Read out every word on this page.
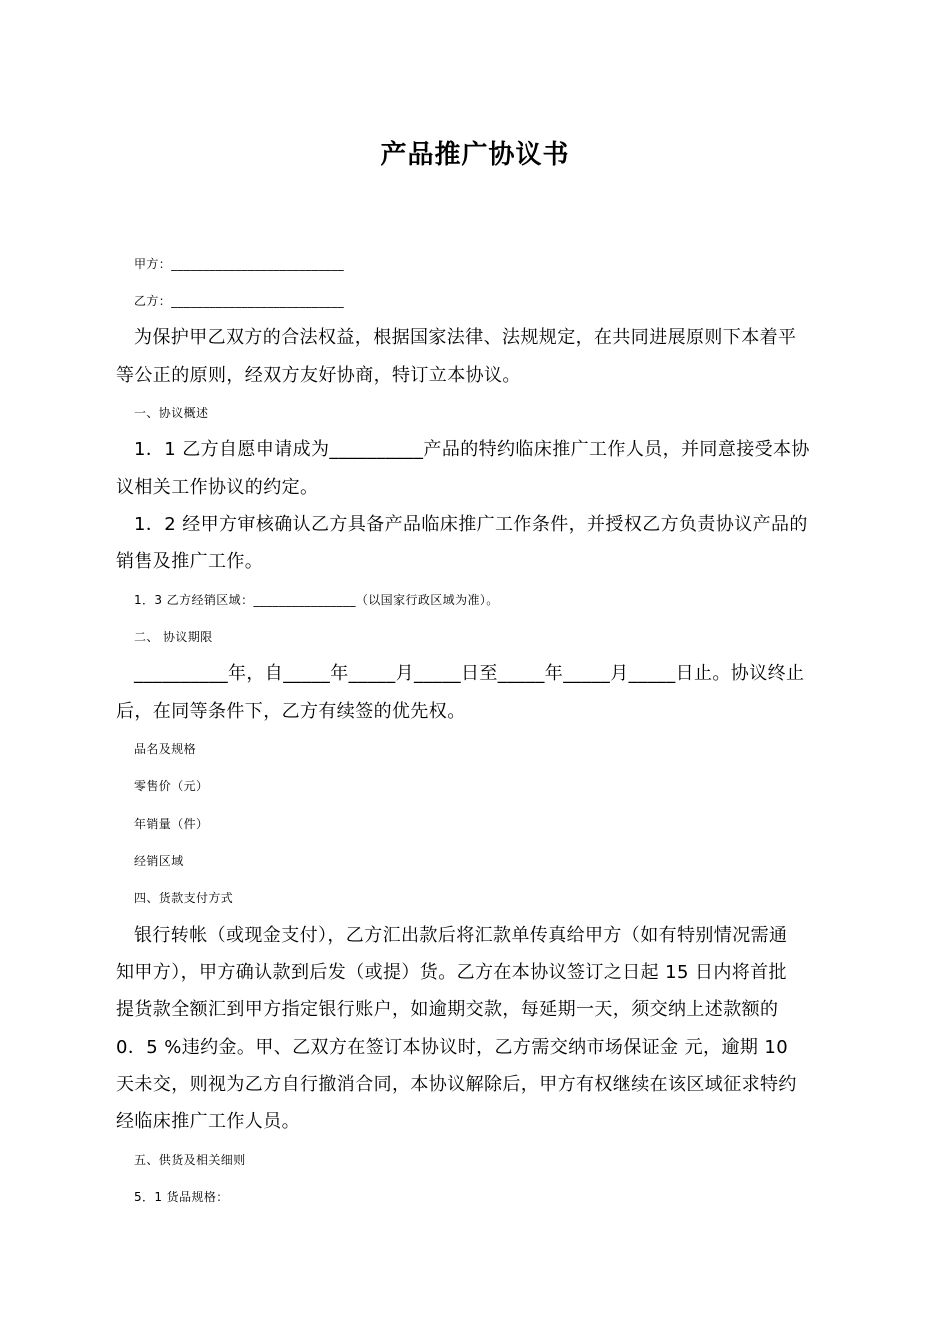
产品推广协议书
甲方：___________________________
乙方：___________________________
为保护甲乙双方的合法权益，根据国家法律、法规规定，在共同进展原则下本着平
等公正的原则，经双方友好协商，特订立本协议。
一、协议概述
1．1 乙方自愿申请成为__________产品的特约临床推广工作人员，并同意接受本协
议相关工作协议的约定。
1．2 经甲方审核确认乙方具备产品临床推广工作条件，并授权乙方负责协议产品的
销售及推广工作。
1．3 乙方经销区域：________________（以国家行政区域为准）。
二、 协议期限
__________年，自_____年_____月_____日至_____年_____月_____日止。协议终止
后，在同等条件下，乙方有续签的优先权。
品名及规格
零售价（元）
年销量（件）
经销区域
四、货款支付方式
银行转帐（或现金支付），乙方汇出款后将汇款单传真给甲方（如有特别情况需通
知甲方），甲方确认款到后发（或提）货。乙方在本协议签订之日起 15 日内将首批
提货款全额汇到甲方指定银行账户，如逾期交款，每延期一天，须交纳上述款额的
0．5 %违约金。甲、乙双方在签订本协议时，乙方需交纳市场保证金 元，逾期 10
天未交，则视为乙方自行撤消合同，本协议解除后，甲方有权继续在该区域征求特约
经临床推广工作人员。
五、供货及相关细则
5．1 货品规格：
